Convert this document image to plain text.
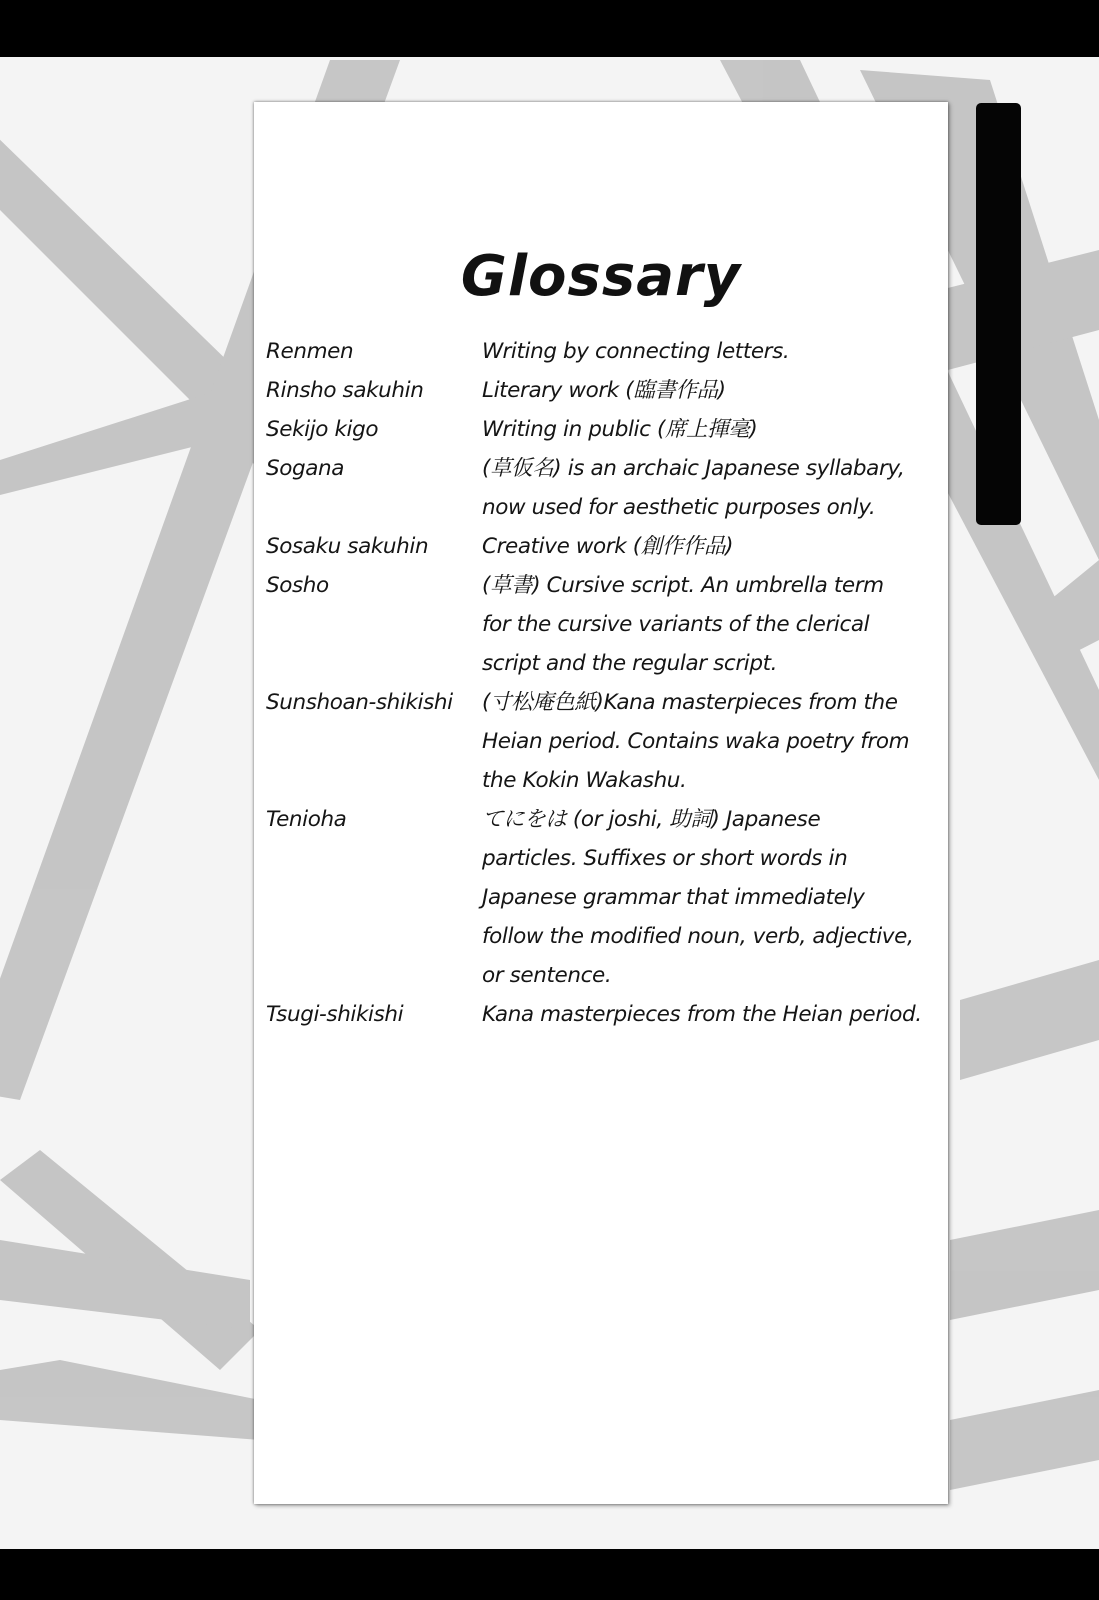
Glossary
Renmen	Writing by connecting letters.
Rinsho sakuhin	Literary work (臨書作品)
Sekijo kigo	Writing in public (席上揮毫)
Sogana	(草仮名) is an archaic Japanese syllabary,
now used for aesthetic purposes only.
Sosaku sakuhin	Creative work (創作作品)
Sosho	(草書) Cursive script. An umbrella term
for the cursive variants of the clerical
script and the regular script.
Sunshoan-shikishi	(寸松庵色紙)Kana masterpieces from the
Heian period. Contains waka poetry from
the Kokin Wakashu.
Tenioha	てにをは (or joshi, 助詞) Japanese
particles. Suffixes or short words in
Japanese grammar that immediately
follow the modified noun, verb, adjective,
or sentence.
Tsugi-shikishi	Kana masterpieces from the Heian period.
